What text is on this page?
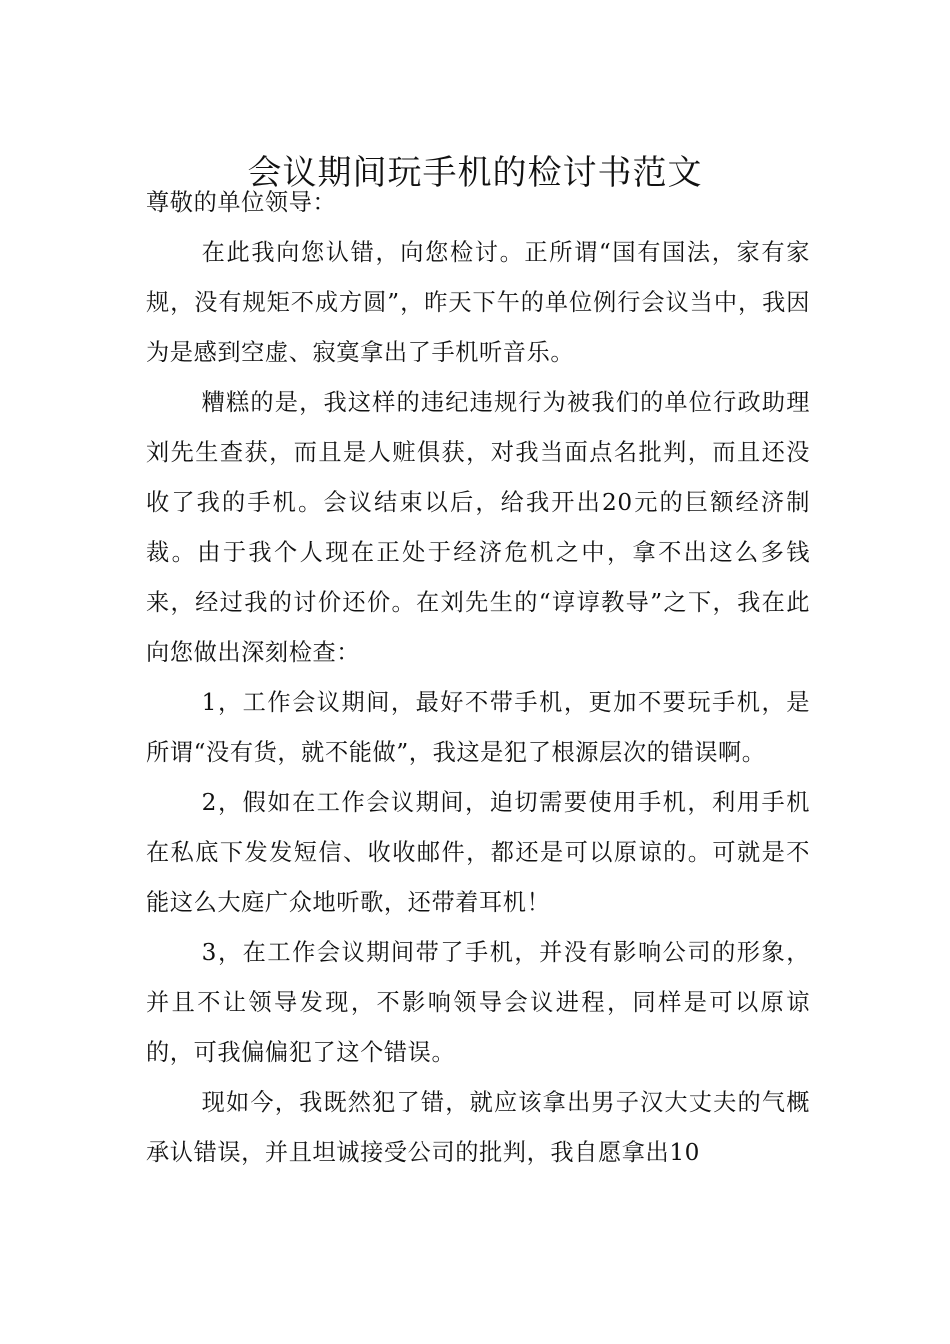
会议期间玩手机的检讨书范文

尊敬的单位领导：

在此我向您认错，向您检讨。正所谓“国有国法，家有家规，没有规矩不成方圆”，昨天下午的单位例行会议当中，我因为是感到空虚、寂寞拿出了手机听音乐。

糟糕的是，我这样的违纪违规行为被我们的单位行政助理刘先生查获，而且是人赃俱获，对我当面点名批判，而且还没收了我的手机。会议结束以后，给我开出20元的巨额经济制裁。由于我个人现在正处于经济危机之中，拿不出这么多钱来，经过我的讨价还价。在刘先生的“谆谆教导”之下，我在此向您做出深刻检查：

1，工作会议期间，最好不带手机，更加不要玩手机，是所谓“没有货，就不能做”，我这是犯了根源层次的错误啊。

2，假如在工作会议期间，迫切需要使用手机，利用手机在私底下发发短信、收收邮件，都还是可以原谅的。可就是不能这么大庭广众地听歌，还带着耳机！

3，在工作会议期间带了手机，并没有影响公司的形象，并且不让领导发现，不影响领导会议进程，同样是可以原谅的，可我偏偏犯了这个错误。

现如今，我既然犯了错，就应该拿出男子汉大丈夫的气概承认错误，并且坦诚接受公司的批判，我自愿拿出10
